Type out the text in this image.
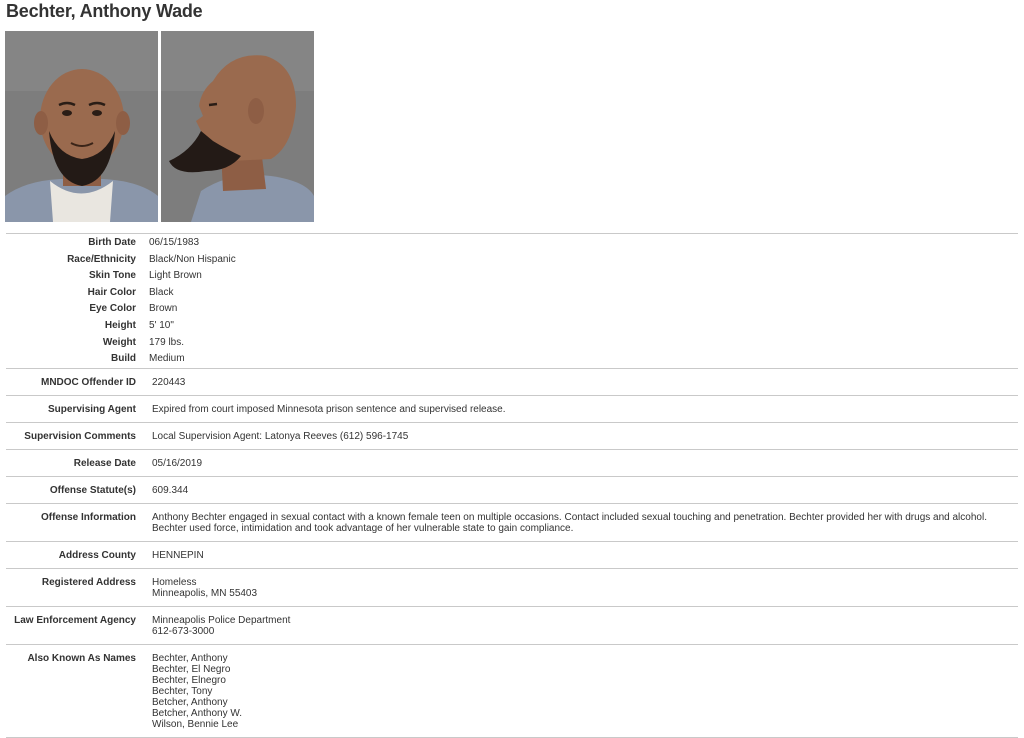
Bechter, Anthony Wade
Birth Date 06/15/1983
Race/Ethnicity Black/Non Hispanic
Skin Tone Light Brown
Hair Color Black
Eye Color Brown
Height 5' 10"
Weight 179 lbs.
Build Medium
MNDOC Offender ID 220443
Supervising Agent Expired from court imposed Minnesota prison sentence and supervised release.
Supervision Comments Local Supervision Agent: Latonya Reeves (612) 596-1745
Release Date 05/16/2019
Offense Statute(s) 609.344
Offense Information Anthony Bechter engaged in sexual contact with a known female teen on multiple occasions. Contact included sexual touching and penetration. Bechter provided her with drugs and alcohol. Bechter used force, intimidation and took advantage of her vulnerable state to gain compliance.
Address County HENNEPIN
Registered Address Homeless
Minneapolis, MN 55403
Law Enforcement Agency Minneapolis Police Department
612-673-3000
Also Known As Names Bechter, Anthony
Bechter, El Negro
Bechter, Elnegro
Bechter, Tony
Betcher, Anthony
Betcher, Anthony W.
Wilson, Bennie Lee
